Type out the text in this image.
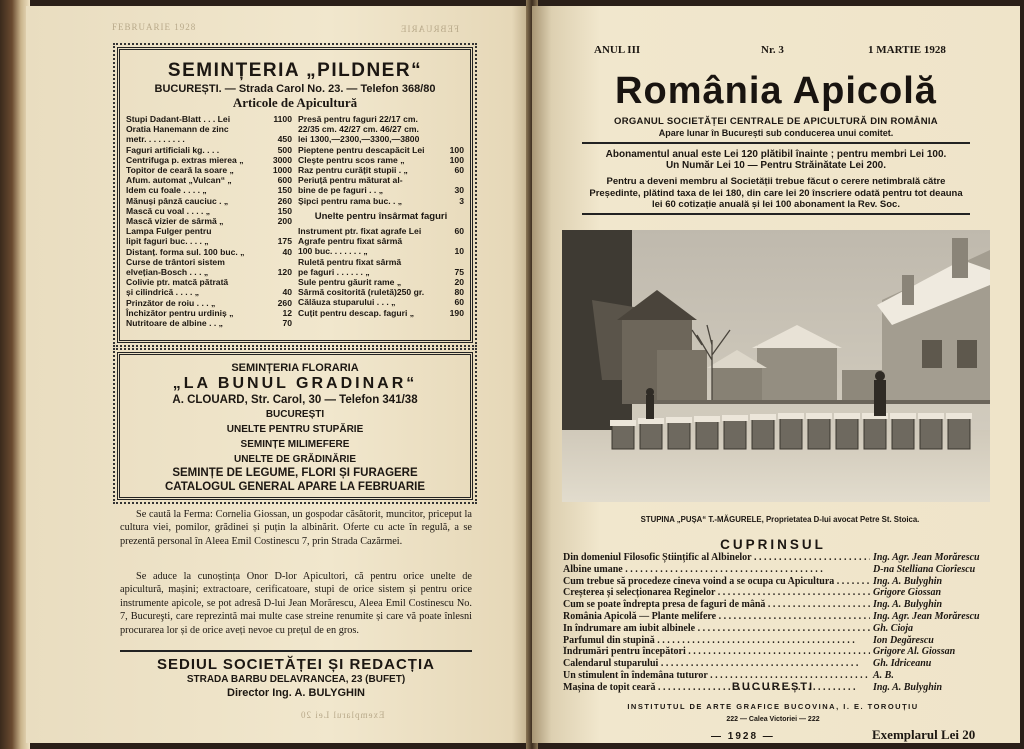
FEBRUARIE 1928	FEBRUARIE
Exemplarul Lei 20
SEMINȚERIA „PILDNER“
BUCUREȘTI. — Strada Carol No. 23. — Telefon 368/80
Articole de Apicultură
Stupi Dadant-Blatt . . . Lei	1100
Oratia Hanemann de zinc
metr. . . . . . . . .	450
Faguri artificiali kg. . . .	500
Centrifuga p. extras mierea „	3000
Topitor de ceară la soare „	1000
Afum. automat „Vulcan“ „	600
Idem cu foale . . . . „	150
Mănuși pânză cauciuc . „	260
Mască cu voal . . . . „	150
Mască vizier de sârmă „	200
Lampa Fulger pentru
lipit faguri buc. . . . „	175
Distanț. forma sul. 100 buc. „	40
Curse de trântori sistem
elvețian-Bosch . . . „	120
Colivie ptr. matcă pătrată
și cilindrică . . . . „	40
Prinzător de roiu . . . „	260
Închizător pentru urdiniș „	12
Nutritoare de albine . . „	70
Presă pentru faguri 22/17 cm.
22/35 cm. 42/27 cm. 46/27 cm.
lei 1300,—2300,—3300,—3800
Pieptene pentru descapăcit Lei	100
Cleşte pentru scos rame „	100
Raz pentru curățit stupii . „	60
Periuță pentru măturat al-
bine de pe faguri . . „	30
Șipci pentru rama buc. . „	3
Unelte pentru însârmat faguri
Instrument ptr. fixat agrafe Lei	60
Agrafe pentru fixat sârmă
100 buc. . . . . . . „	10
Ruletă pentru fixat sârmă
pe faguri . . . . . . „	75
Sule pentru găurit rame „	20
Sârmă cositorită (ruletă)250 gr.	80
Călăuza stuparului . . . „	60
Cuțit pentru descap. faguri „	190
SEMINȚERIA FLORARIA
„LA BUNUL GRADINAR“
A. CLOUARD, Str. Carol, 30 — Telefon 341/38
BUCUREȘTI
UNELTE PENTRU STUPĂRIE
SEMINȚE MILIMEFERE
UNELTE DE GRĂDINĂRIE
SEMINȚE DE LEGUME, FLORI ȘI FURAGERE
CATALOGUL GENERAL APARE LA FEBRUARIE
Se caută la Ferma: Cornelia Giossan, un gospodar căsătorit, muncitor, priceput la cultura viei, pomilor, grădinei și puțin la albinărit. Oferte cu acte în regulă, a se prezentă personal în Aleea Emil Costinescu 7, prin Strada Cazărmei.
Se aduce la cunoștința Onor D-lor Apicultori, că pentru orice unelte de apicultură, mașini; extractoare, cerificatoare, stupi de orice sistem și pentru orice instrumente apicole, se pot adresă D-lui Jean Morărescu, Aleea Emil Costinescu No. 7, Bucureşti, care reprezintă mai multe case streine renumite și care vă poate înlesni procurarea lor și de orice aveți nevoe cu prețul de en gros.
SEDIUL SOCIETĂȚEI ȘI REDACȚIA
STRADA BARBU DELAVRANCEA, 23 (BUFET)
Director Ing. A. BULYGHIN
ANUL III	Nr. 3	1 MARTIE 1928
România Apicolă
ORGANUL SOCIETĂȚEI CENTRALE DE APICULTURĂ DIN ROMÂNIA
Apare lunar în București sub conducerea unui comitet.
Abonamentul anual este Lei 120 plătibil înainte ; pentru membri Lei 100.
Un Număr Lei 10 — Pentru Străinătate Lei 200.
Pentru a deveni membru al Societății trebue făcut o cerere netimbrală către Președinte, plătind taxa de lei 180, din care lei 20 înscriere odată pentru tot deauna lei 60 cotizație anuală și lei 100 abonament la Rev. Soc.
STUPINA „PUȘA“ T.-MĂGURELE, Proprietatea D-lui avocat Petre St. Stoica.
CUPRINSUL
Din domeniul Filosofic Științific al Albinelor . . .	Ing. Agr. Jean Morărescu
Albine umane . . .	D-na Stelliana Ciorîescu
Cum trebue să procedeze cineva voind a se ocupa cu Apicultura . . .	Ing. A. Bulyghin
Creșterea și selecționarea Reginelor . . .	Grigore Giossan
Cum se poate îndrepta presa de faguri de mână . . .	Ing. A. Bulyghin
România Apicolă — Plante melifere . . .	Ing. Agr. Jean Morărescu
In îndrumare am iubit albinele . . .	Gh. Cioja
Parfumul din stupină . . .	Ion Degărescu
Îndrumări pentru începători . . .	Grigore Al. Giossan
Calendarul stuparului . . .	Gh. Idriceanu
Un stimulent în îndemâna tuturor . . .	A. B.
Mașina de topit ceară . . .	Ing. A. Bulyghin
BUCUREȘTI
INSTITUTUL DE ARTE GRAFICE BUCOVINA, I. E. TOROUȚIU
222 — Calea Victoriei — 222
— 1928 —	Exemplarul Lei 20
